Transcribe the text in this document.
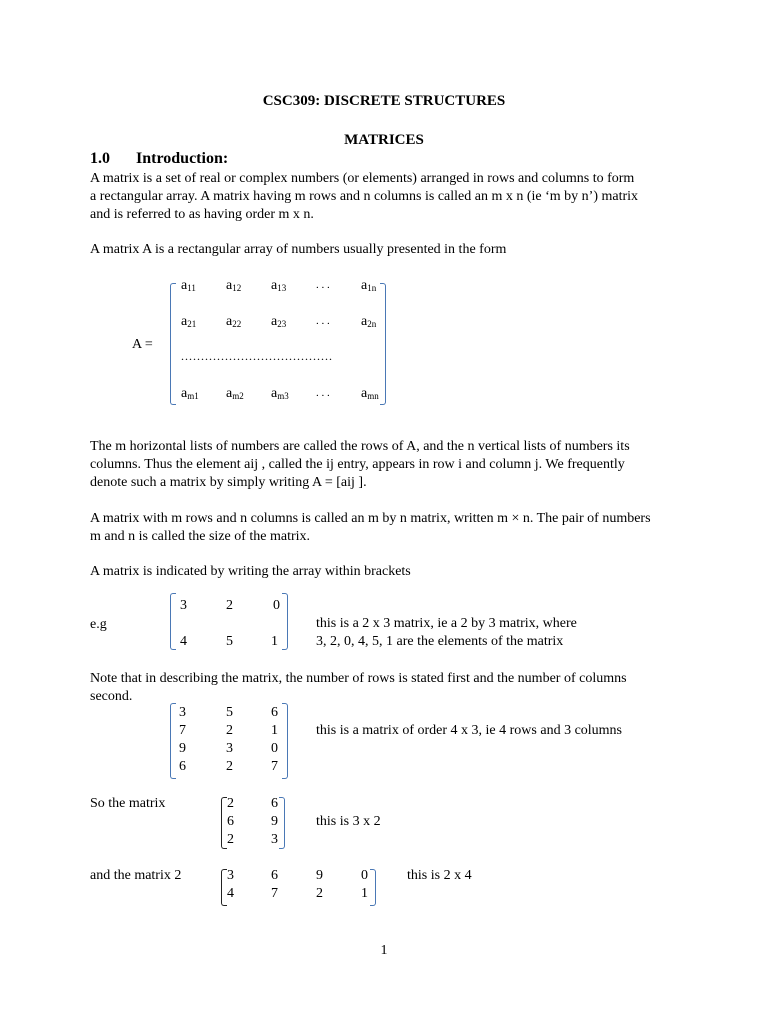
CSC309: DISCRETE STRUCTURES
MATRICES
1.0 Introduction:
A matrix is a set of real or complex numbers (or elements) arranged in rows and columns to form
a rectangular array. A matrix having m rows and n columns is called an m x n (ie ‘m by n’) matrix
and is referred to as having order m x n.
A matrix A is a rectangular array of numbers usually presented in the form
A =
$a_{11}$ $a_{12}$ $a_{13}$	. . . $a_{1n}$
$a_{21}$ $a_{22}$ $a_{23}$	. . . $a_{2n}$
......................................
$a_{m1}$ $a_{m2}$ $a_{m3}$ . . . $a_{mn}$
The m horizontal lists of numbers are called the rows of A, and the n vertical lists of numbers its
columns. Thus the element aij , called the ij entry, appears in row i and column j. We frequently
denote such a matrix by simply writing A = [aij ].
A matrix with m rows and n columns is called an m by n matrix, written m × n. The pair of numbers
m and n is called the size of the matrix.
A matrix is indicated by writing the array within brackets
e.g
3	2	0
4	5	1
this is a 2 x 3 matrix, ie a 2 by 3 matrix, where
3, 2, 0, 4, 5, 1 are the elements of the matrix
Note that in describing the matrix, the number of rows is stated first and the number of columns
second.
3	5	6
7	2	1
9	3	0
6	2	7
this is a matrix of order 4 x 3, ie 4 rows and 3 columns
So the matrix	2	6
6	9
2	3
this is 3 x 2
and the matrix 2	3	6	9	0
4	7	2	1
this is 2 x 4
1
